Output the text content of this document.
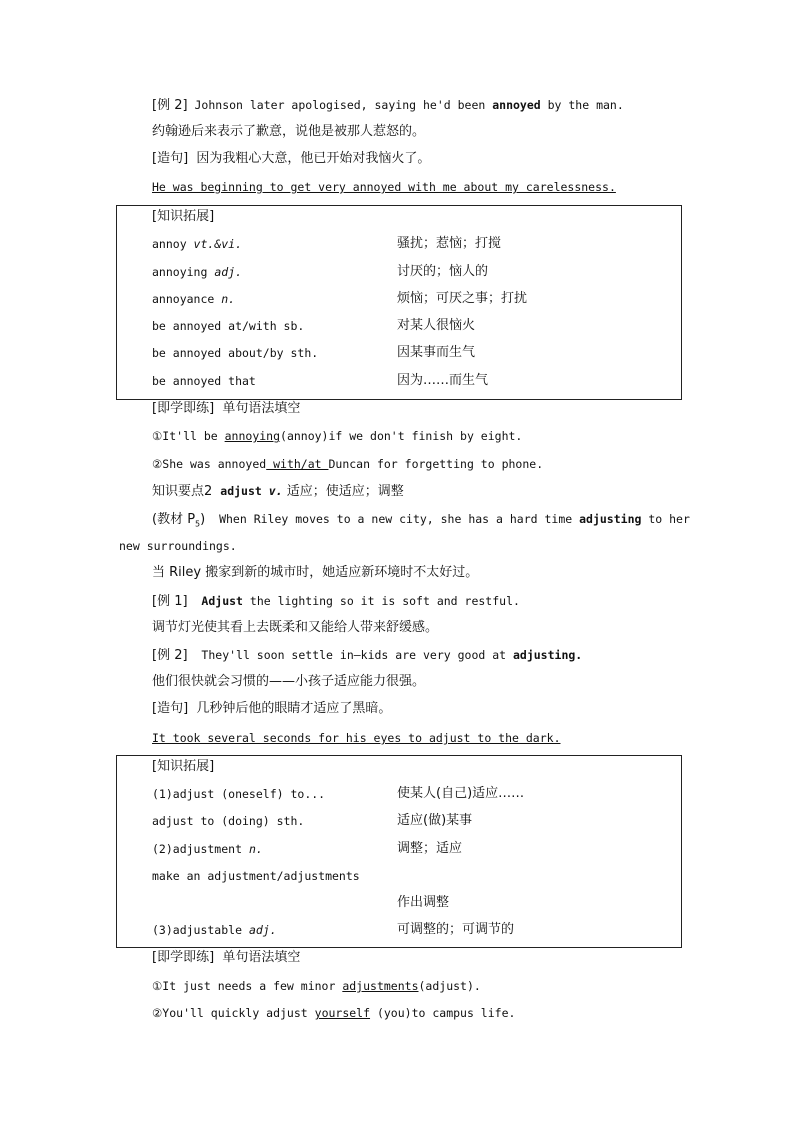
[例 2] Johnson later apologised, saying he'd been annoyed by the man.
约翰逊后来表示了歉意，说他是被那人惹怒的。
[造句] 因为我粗心大意，他已开始对我恼火了。
He was beginning to get very annoyed with me about my carelessness.
[知识拓展]
annoy vt.&vi.	骚扰；惹恼；打搅
annoying adj.	讨厌的；恼人的
annoyance n.	烦恼；可厌之事；打扰
be annoyed at/with sb.	对某人很恼火
be annoyed about/by sth.	因某事而生气
be annoyed that	因为……而生气
[即学即练] 单句语法填空
①It'll be annoying(annoy)if we don't finish by eight.
②She was annoyed with/at Duncan for forgetting to phone.
知识要点2 adjust v. 适应；使适应；调整
(教材 $P_5$) When Riley moves to a new city, she has a hard time adjusting to her
new surroundings.
当 Riley 搬家到新的城市时，她适应新环境时不太好过。
[例 1] Adjust the lighting so it is soft and restful.
调节灯光使其看上去既柔和又能给人带来舒缓感。
[例 2] They'll soon settle in—kids are very good at adjusting.
他们很快就会习惯的——小孩子适应能力很强。
[造句] 几秒钟后他的眼睛才适应了黑暗。
It took several seconds for his eyes to adjust to the dark.
[知识拓展]
(1)adjust (oneself) to...	使某人(自己)适应……
adjust to (doing) sth.	适应(做)某事
(2)adjustment n.	调整；适应
make an adjustment/adjustments
作出调整
(3)adjustable adj.	可调整的；可调节的
[即学即练] 单句语法填空
①It just needs a few minor adjustments(adjust).
②You'll quickly adjust yourself (you)to campus life.
